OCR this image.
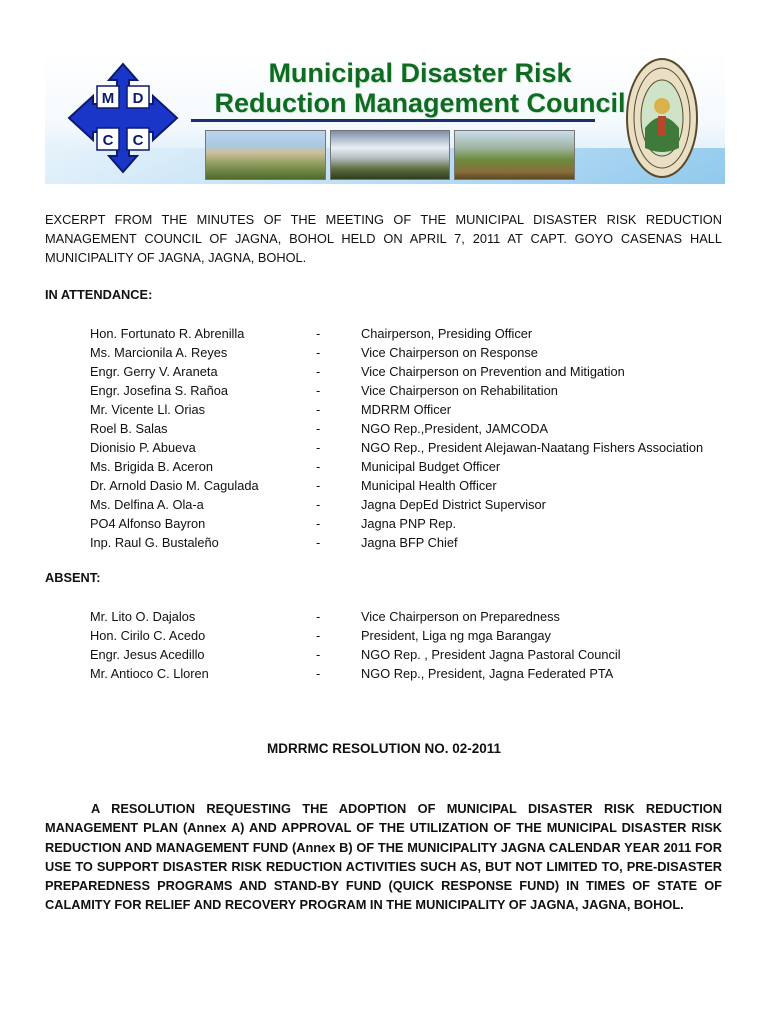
M D
C C
Municipal Disaster Risk
Reduction Management Council
EXCERPT FROM THE MINUTES OF THE MEETING OF THE MUNICIPAL DISASTER RISK REDUCTION MANAGEMENT COUNCIL OF JAGNA, BOHOL HELD ON APRIL 7, 2011 AT CAPT. GOYO CASENAS HALL MUNICIPALITY OF JAGNA, JAGNA, BOHOL.
IN ATTENDANCE:
Hon. Fortunato R. Abrenilla	-	Chairperson, Presiding Officer
Ms. Marcionila A. Reyes	-	Vice Chairperson on Response
Engr. Gerry V. Araneta	-	Vice Chairperson on Prevention and Mitigation
Engr. Josefina S. Rañoa	-	Vice Chairperson on Rehabilitation
Mr. Vicente Ll. Orias	-	MDRRM Officer
Roel B. Salas	-	NGO Rep.,President, JAMCODA
Dionisio P. Abueva	-	NGO Rep., President Alejawan-Naatang Fishers Association
Ms. Brigida B. Aceron	-	Municipal Budget Officer
Dr. Arnold Dasio M. Cagulada	-	Municipal Health Officer
Ms. Delfina A. Ola-a	-	Jagna DepEd District Supervisor
PO4 Alfonso Bayron	-	Jagna PNP Rep.
Inp. Raul G. Bustaleño	-	Jagna BFP Chief
ABSENT:
Mr. Lito O. Dajalos	-	Vice Chairperson on Preparedness
Hon. Cirilo C. Acedo	-	President, Liga ng mga Barangay
Engr. Jesus Acedillo	-	NGO Rep. , President Jagna Pastoral Council
Mr. Antioco C. Lloren	-	NGO Rep., President, Jagna Federated PTA
MDRRMC RESOLUTION NO. 02-2011
A RESOLUTION REQUESTING THE ADOPTION OF MUNICIPAL DISASTER RISK REDUCTION MANAGEMENT PLAN (Annex A) AND APPROVAL OF THE UTILIZATION OF THE MUNICIPAL DISASTER RISK REDUCTION AND MANAGEMENT FUND (Annex B) OF THE MUNICIPALITY JAGNA CALENDAR YEAR 2011 FOR USE TO SUPPORT DISASTER RISK REDUCTION ACTIVITIES SUCH AS, BUT NOT LIMITED TO, PRE-DISASTER PREPAREDNESS PROGRAMS AND STAND-BY FUND (QUICK RESPONSE FUND) IN TIMES OF STATE OF CALAMITY FOR RELIEF AND RECOVERY PROGRAM IN THE MUNICIPALITY OF JAGNA, JAGNA, BOHOL.
